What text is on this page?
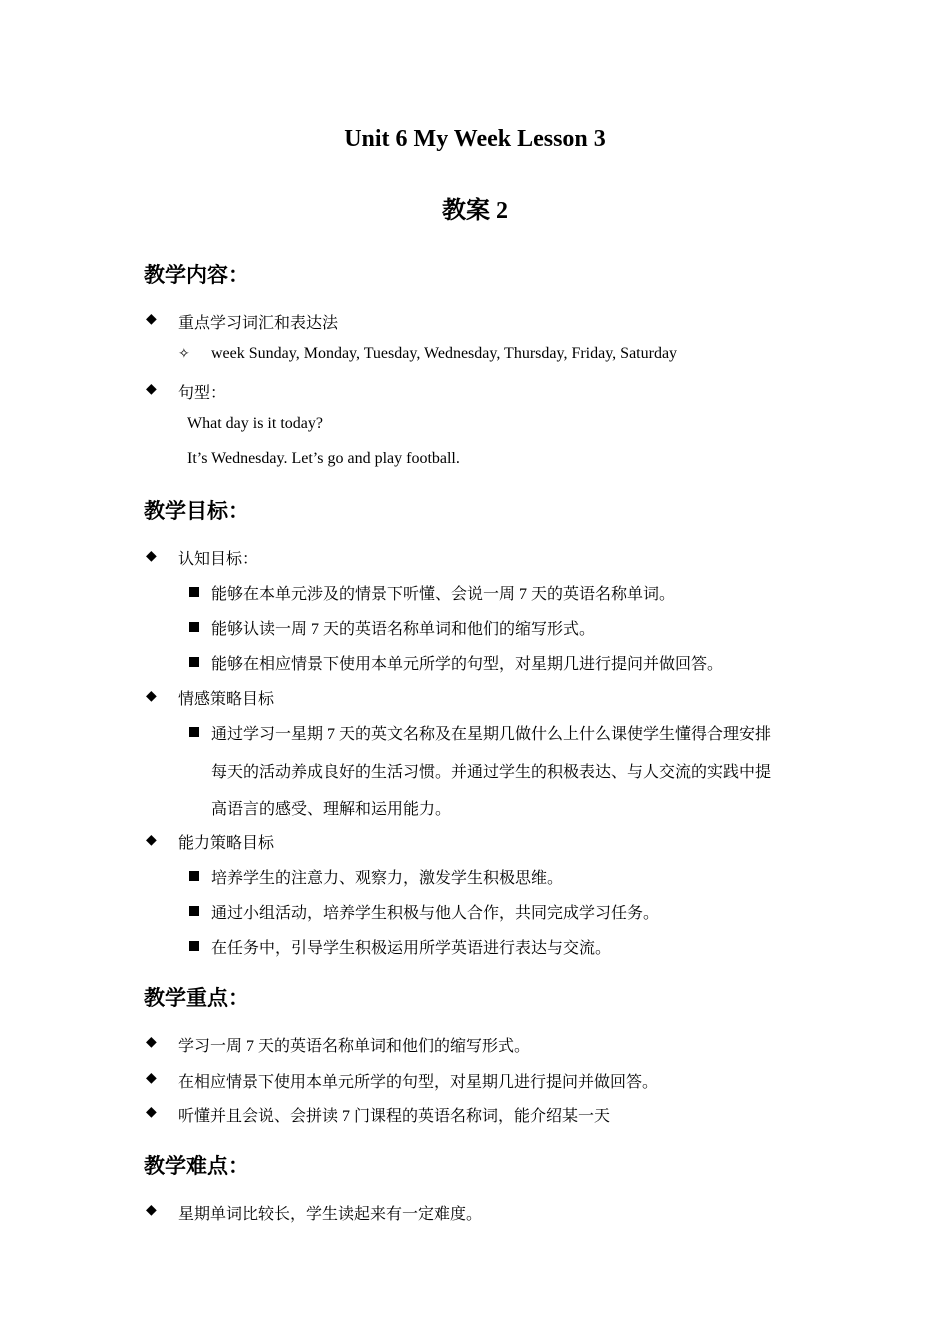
Unit 6 My Week Lesson 3
教案 2
教学内容：
◆ 重点学习词汇和表达法
✧ week Sunday, Monday, Tuesday, Wednesday, Thursday, Friday, Saturday
◆ 句型：
What day is it today?
It’s Wednesday. Let’s go and play football.
教学目标：
◆ 认知目标：
能够在本单元涉及的情景下听懂、会说一周 7 天的英语名称单词。
能够认读一周 7 天的英语名称单词和他们的缩写形式。
能够在相应情景下使用本单元所学的句型，对星期几进行提问并做回答。
◆ 情感策略目标
通过学习一星期 7 天的英文名称及在星期几做什么上什么课使学生懂得合理安排
每天的活动养成良好的生活习惯。并通过学生的积极表达、与人交流的实践中提
高语言的感受、理解和运用能力。
◆ 能力策略目标
培养学生的注意力、观察力，激发学生积极思维。
通过小组活动，培养学生积极与他人合作，共同完成学习任务。
在任务中，引导学生积极运用所学英语进行表达与交流。
教学重点：
◆ 学习一周 7 天的英语名称单词和他们的缩写形式。
◆ 在相应情景下使用本单元所学的句型，对星期几进行提问并做回答。
◆ 听懂并且会说、会拼读 7 门课程的英语名称词，能介绍某一天
教学难点：
◆ 星期单词比较长，学生读起来有一定难度。
